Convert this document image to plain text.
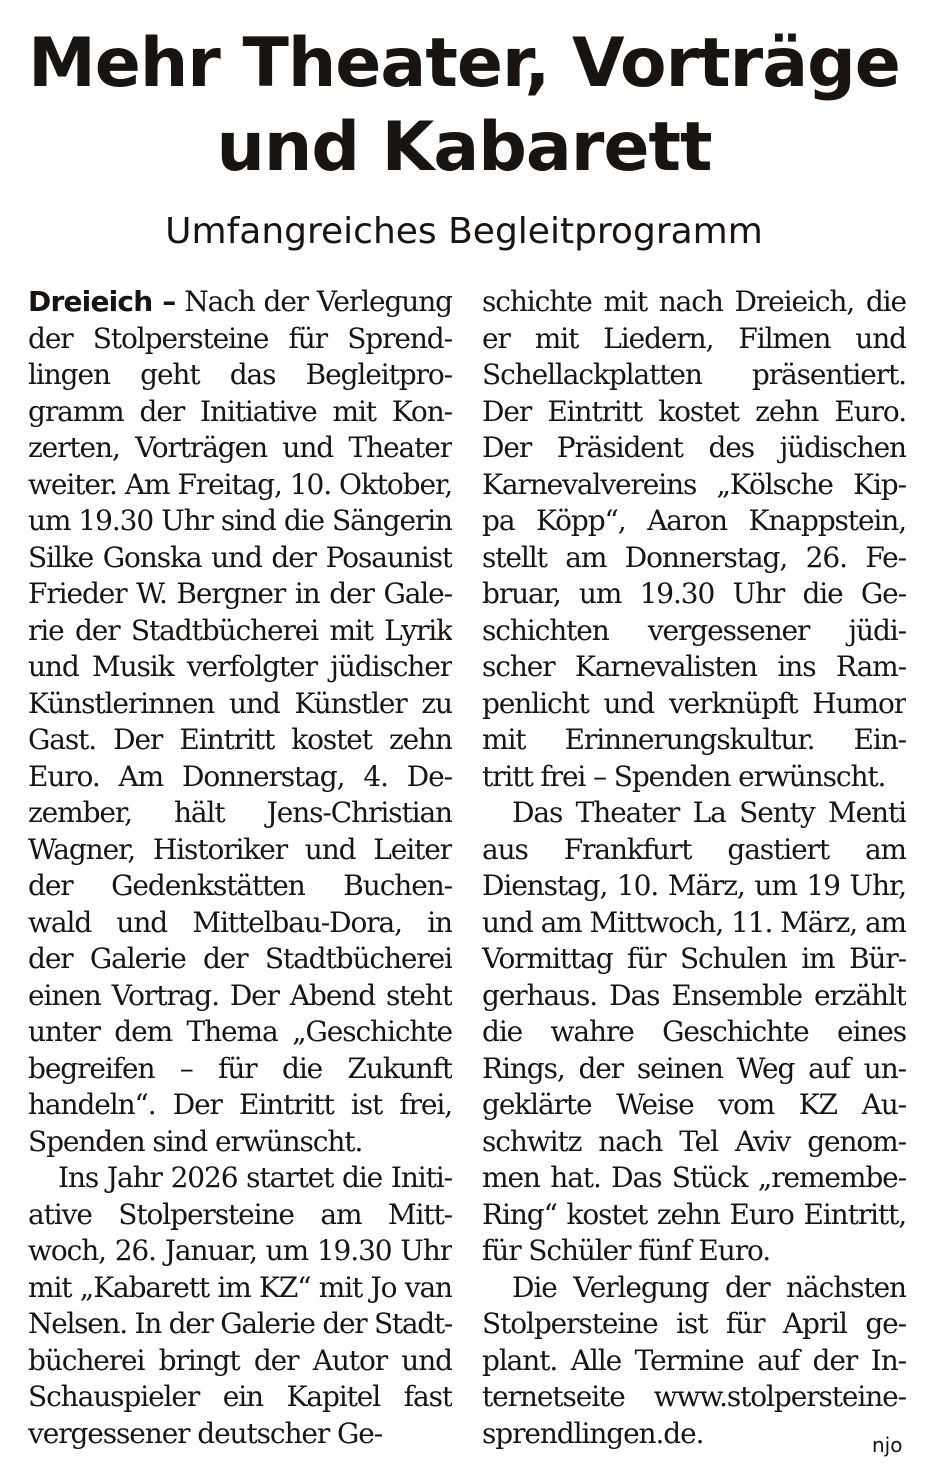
Mehr Theater, Vorträge
und Kabarett
Umfangreiches Begleitprogramm
Dreieich – Nach der Verlegung
der Stolpersteine für Sprend-
lingen geht das Begleitpro-
gramm der Initiative mit Kon-
zerten, Vorträgen und Theater
weiter. Am Freitag, 10. Oktober,
um 19.30 Uhr sind die Sängerin
Silke Gonska und der Posaunist
Frieder W. Bergner in der Gale-
rie der Stadtbücherei mit Lyrik
und Musik verfolgter jüdischer
Künstlerinnen und Künstler zu
Gast. Der Eintritt kostet zehn
Euro. Am Donnerstag, 4. De-
zember, hält Jens-Christian
Wagner, Historiker und Leiter
der Gedenkstätten Buchen-
wald und Mittelbau-Dora, in
der Galerie der Stadtbücherei
einen Vortrag. Der Abend steht
unter dem Thema „Geschichte
begreifen – für die Zukunft
handeln“. Der Eintritt ist frei,
Spenden sind erwünscht.
Ins Jahr 2026 startet die Initi-
ative Stolpersteine am Mitt-
woch, 26. Januar, um 19.30 Uhr
mit „Kabarett im KZ“ mit Jo van
Nelsen. In der Galerie der Stadt-
bücherei bringt der Autor und
Schauspieler ein Kapitel fast
vergessener deutscher Ge-
schichte mit nach Dreieich, die
er mit Liedern, Filmen und
Schellackplatten präsentiert.
Der Eintritt kostet zehn Euro.
Der Präsident des jüdischen
Karnevalvereins „Kölsche Kip-
pa Köpp“, Aaron Knappstein,
stellt am Donnerstag, 26. Fe-
bruar, um 19.30 Uhr die Ge-
schichten vergessener jüdi-
scher Karnevalisten ins Ram-
penlicht und verknüpft Humor
mit Erinnerungskultur. Ein-
tritt frei – Spenden erwünscht.
Das Theater La Senty Menti
aus Frankfurt gastiert am
Dienstag, 10. März, um 19 Uhr,
und am Mittwoch, 11. März, am
Vormittag für Schulen im Bür-
gerhaus. Das Ensemble erzählt
die wahre Geschichte eines
Rings, der seinen Weg auf un-
geklärte Weise vom KZ Au-
schwitz nach Tel Aviv genom-
men hat. Das Stück „remembe-
Ring“ kostet zehn Euro Eintritt,
für Schüler fünf Euro.
Die Verlegung der nächsten
Stolpersteine ist für April ge-
plant. Alle Termine auf der In-
ternetseite www.stolpersteine-
sprendlingen.de.	njo
